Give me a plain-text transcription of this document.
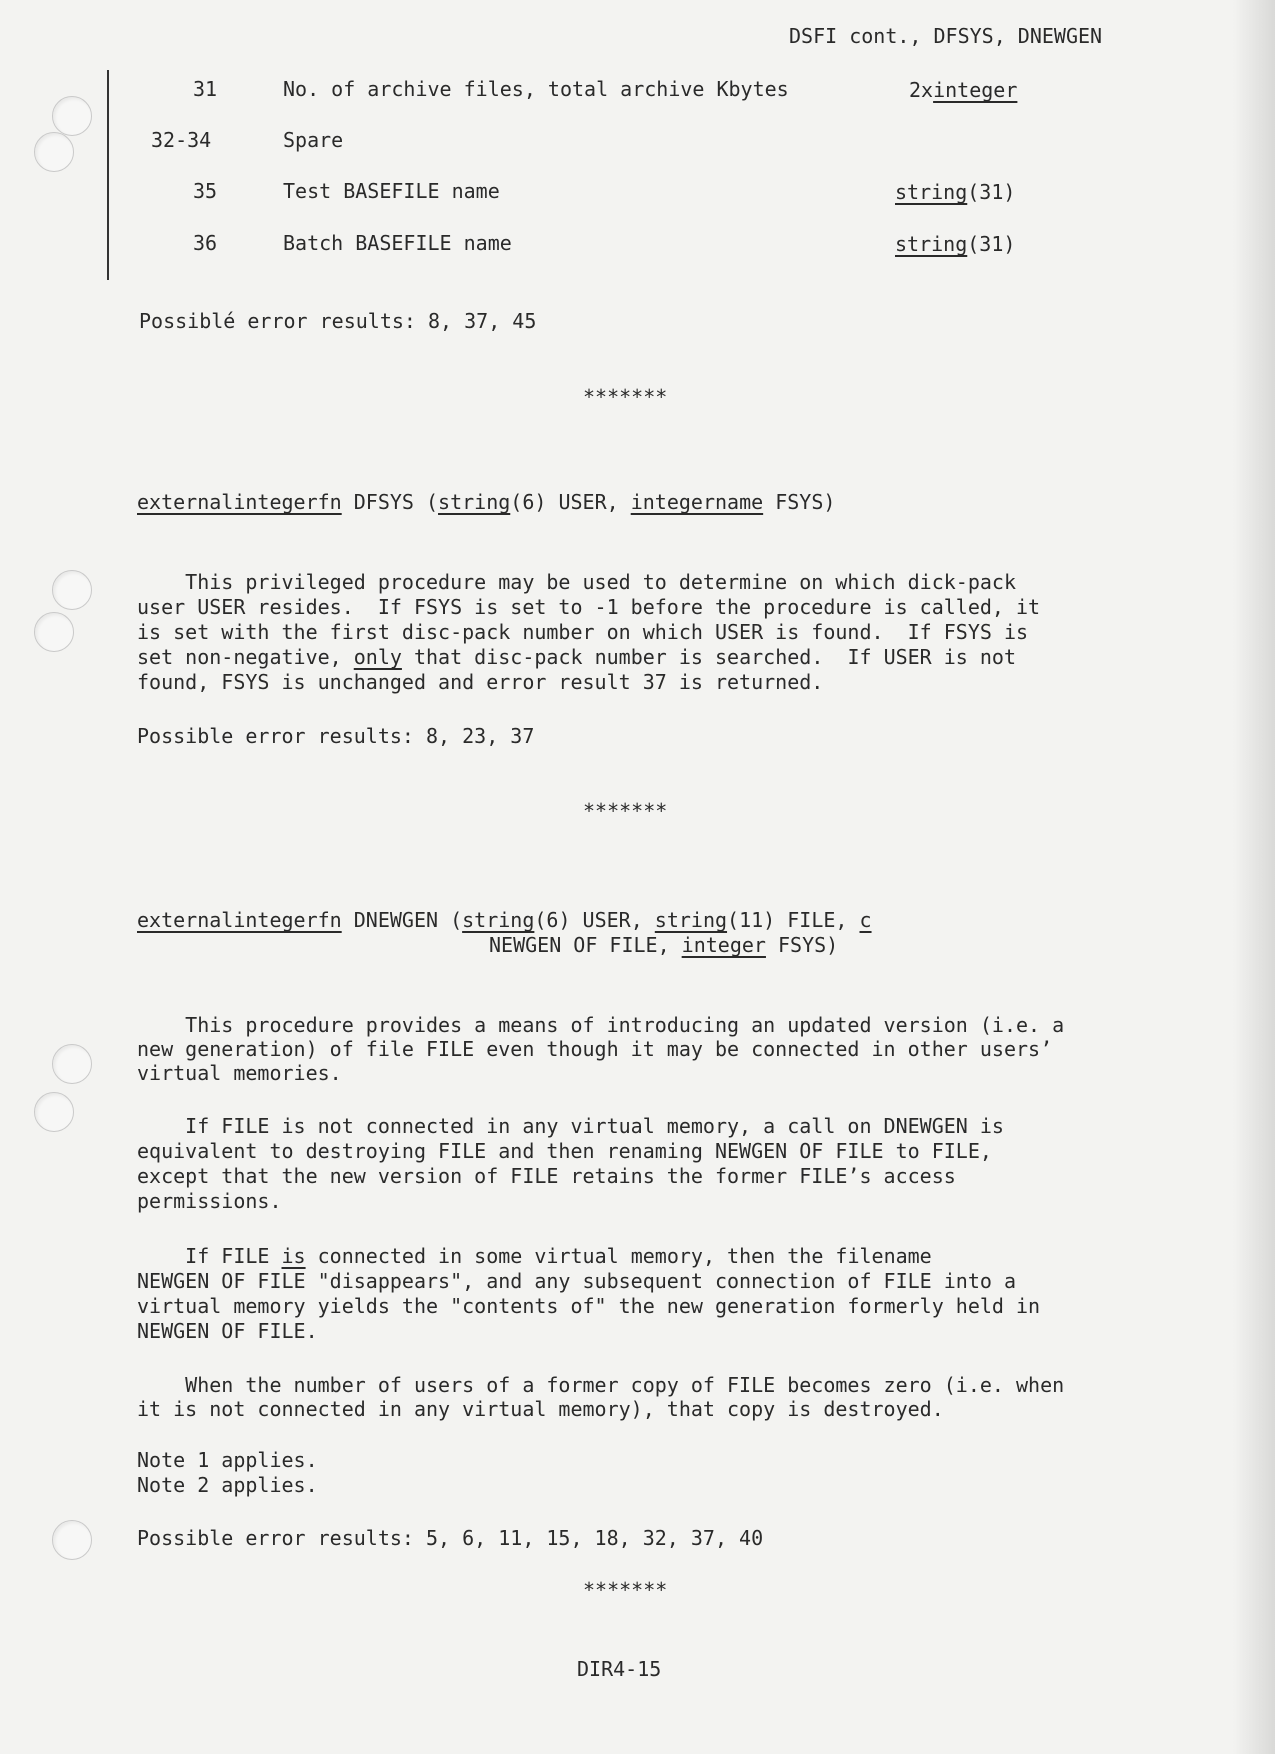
DSFI cont., DFSYS, DNEWGEN
31	No. of archive files, total archive Kbytes	2xinteger
32-34	Spare
35	Test BASEFILE name	string(31)
36	Batch BASEFILE name	string(31)
Possiblé error results: 8, 37, 45
*******
externalintegerfn DFSYS (string(6) USER, integername FSYS)
This privileged procedure may be used to determine on which dick-pack
user USER resides.  If FSYS is set to -1 before the procedure is called, it
is set with the first disc-pack number on which USER is found.  If FSYS is
set non-negative, only that disc-pack number is searched.  If USER is not
found, FSYS is unchanged and error result 37 is returned.
Possible error results: 8, 23, 37
*******
externalintegerfn DNEWGEN (string(6) USER, string(11) FILE, c
NEWGEN OF FILE, integer FSYS)
This procedure provides a means of introducing an updated version (i.e. a
new generation) of file FILE even though it may be connected in other users’
virtual memories.
If FILE is not connected in any virtual memory, a call on DNEWGEN is
equivalent to destroying FILE and then renaming NEWGEN OF FILE to FILE,
except that the new version of FILE retains the former FILE’s access
permissions.
If FILE is connected in some virtual memory, then the filename
NEWGEN OF FILE "disappears", and any subsequent connection of FILE into a
virtual memory yields the "contents of" the new generation formerly held in
NEWGEN OF FILE.
When the number of users of a former copy of FILE becomes zero (i.e. when
it is not connected in any virtual memory), that copy is destroyed.
Note 1 applies.
Note 2 applies.
Possible error results: 5, 6, 11, 15, 18, 32, 37, 40
*******
DIR4-15
